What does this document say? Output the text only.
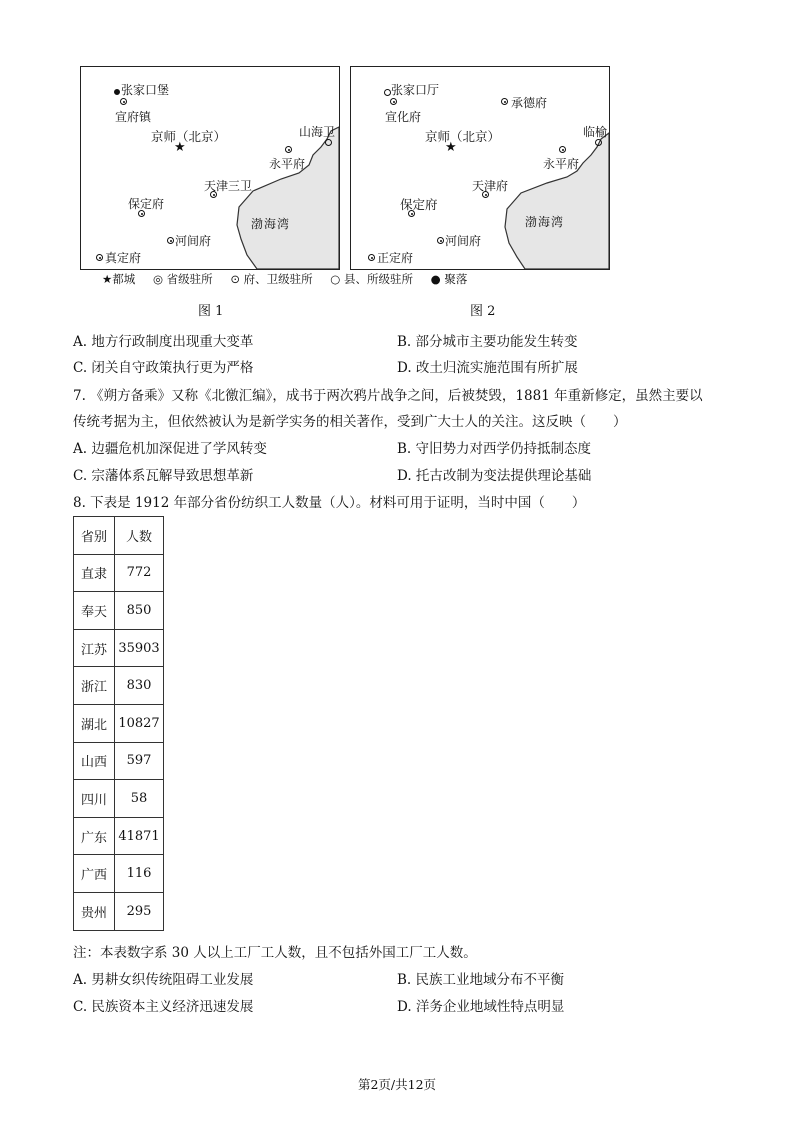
张家口堡
宣府镇
京师（北京）
★
山海卫
永平府
天津三卫
保定府
渤海湾
河间府
真定府
张家口厅
宣化府
承德府
京师（北京）
★
临榆
永平府
天津府
保定府
渤海湾
河间府
正定府
★都城 ◎ 省级驻所 ⊙ 府、卫级驻所 ○ 县、所级驻所 ● 聚落
图 1	图 2
A. 地方行政制度出现重大变革	B. 部分城市主要功能发生转变
C. 闭关自守政策执行更为严格	D. 改土归流实施范围有所扩展
7. 《朔方备乘》又称《北徼汇编》，成书于两次鸦片战争之间，后被焚毁，1881 年重新修定，虽然主要以
传统考据为主，但依然被认为是新学实务的相关著作，受到广大士人的关注。这反映（　　）
A. 边疆危机加深促进了学风转变	B. 守旧势力对西学仍持抵制态度
C. 宗藩体系瓦解导致思想革新	D. 托古改制为变法提供理论基础
8. 下表是 1912 年部分省份纺织工人数量（人）。材料可用于证明，当时中国（　　）
省别	人数
直隶	772
奉天	850
江苏	35903
浙江	830
湖北	10827
山西	597
四川	58
广东	41871
广西	116
贵州	295
注：本表数字系 30 人以上工厂工人数，且不包括外国工厂工人数。
A. 男耕女织传统阻碍工业发展	B. 民族工业地域分布不平衡
C. 民族资本主义经济迅速发展	D. 洋务企业地域性特点明显
第2页/共12页
